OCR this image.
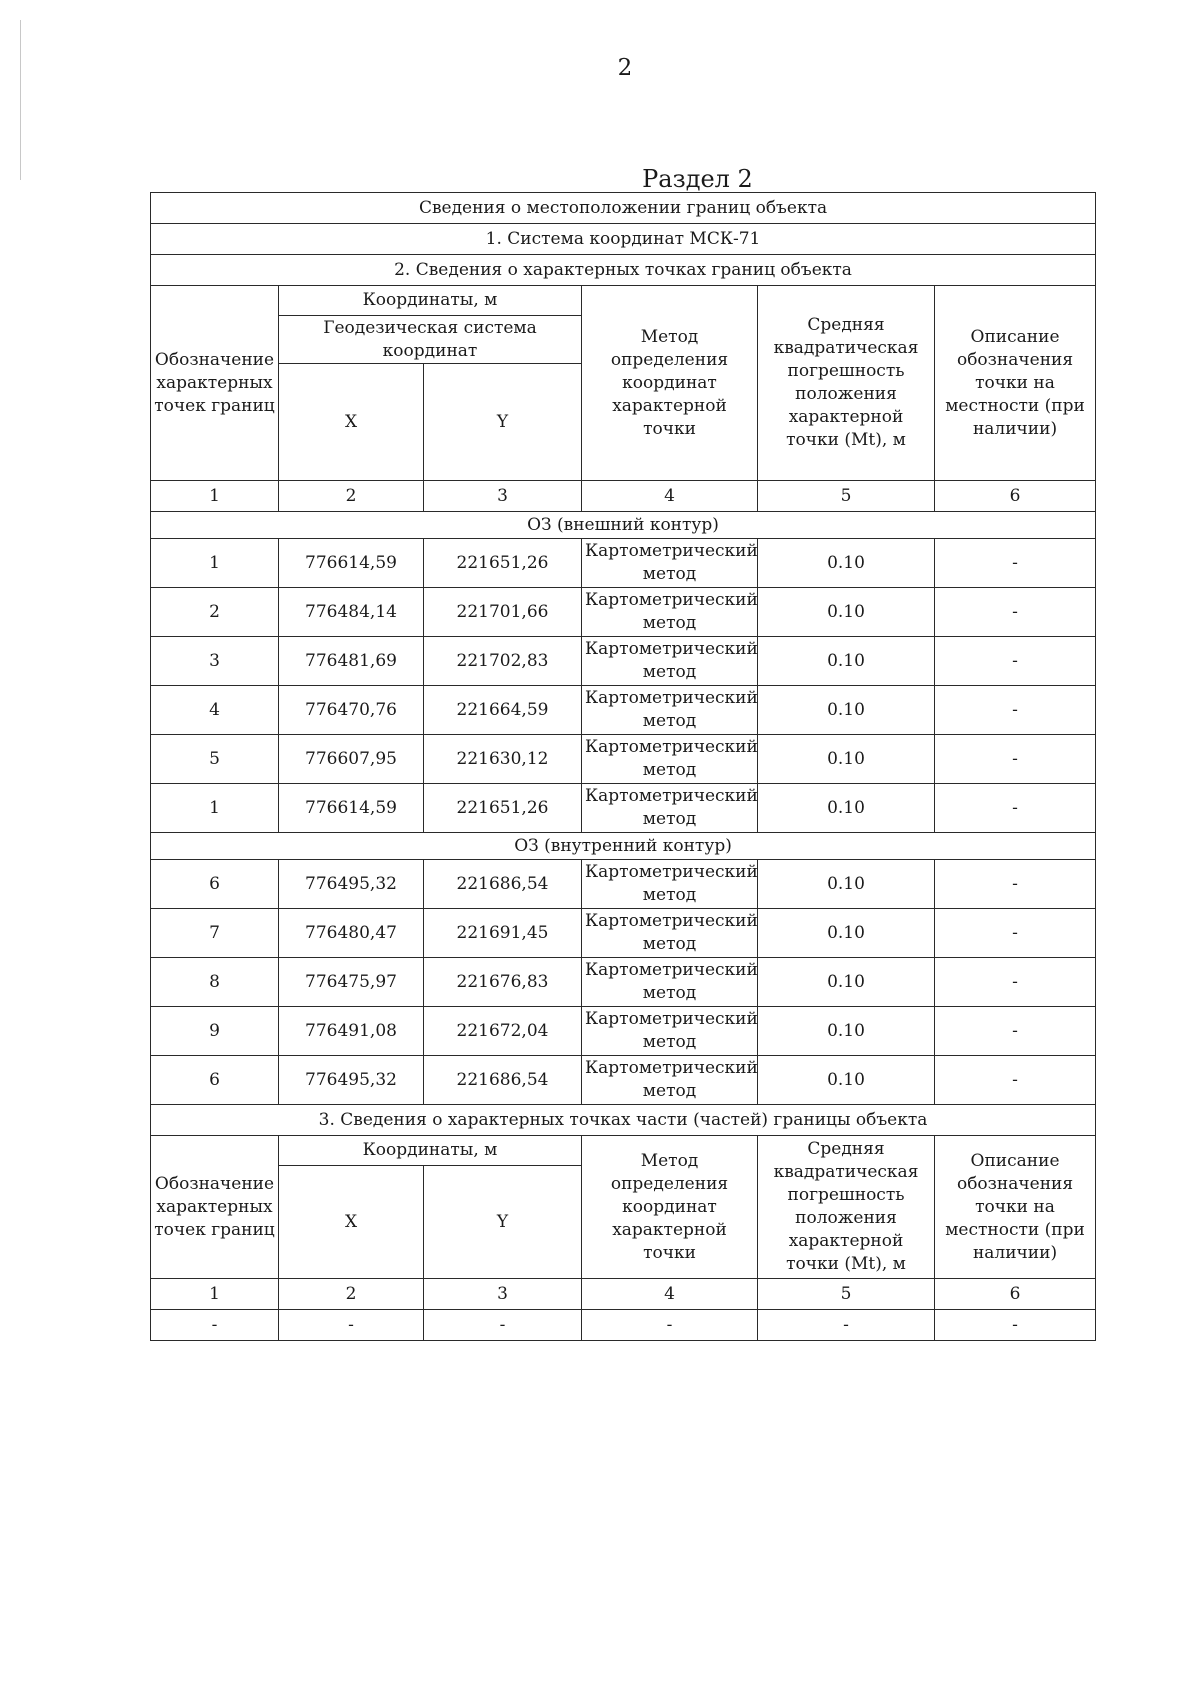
2
Раздел 2
Сведения о местоположении границ объекта					
1. Система координат МСК-71					
2. Сведения о характерных точках границ объекта					
Обозначение характерных точек границ	Координаты, м		Метод определения координат характерной точки	Средняя квадратическая погрешность положения характерной точки (Mt), м	Описание обозначения точки на местности (при наличии)
	Геодезическая система координат				
	X	Y			
1	2	3	4	5	6
ОЗ (внешний контур)					
1	776614,59	221651,26	Картометрический метод	0.10	-
2	776484,14	221701,66	Картометрический метод	0.10	-
3	776481,69	221702,83	Картометрический метод	0.10	-
4	776470,76	221664,59	Картометрический метод	0.10	-
5	776607,95	221630,12	Картометрический метод	0.10	-
1	776614,59	221651,26	Картометрический метод	0.10	-
ОЗ (внутренний контур)					
6	776495,32	221686,54	Картометрический метод	0.10	-
7	776480,47	221691,45	Картометрический метод	0.10	-
8	776475,97	221676,83	Картометрический метод	0.10	-
9	776491,08	221672,04	Картометрический метод	0.10	-
6	776495,32	221686,54	Картометрический метод	0.10	-
3. Сведения о характерных точках части (частей) границы объекта					
Обозначение характерных точек границ	Координаты, м		Метод определения координат характерной точки	Средняя квадратическая погрешность положения характерной точки (Mt), м	Описание обозначения точки на местности (при наличии)
	X	Y			
1	2	3	4	5	6
-	-	-	-	-	-
